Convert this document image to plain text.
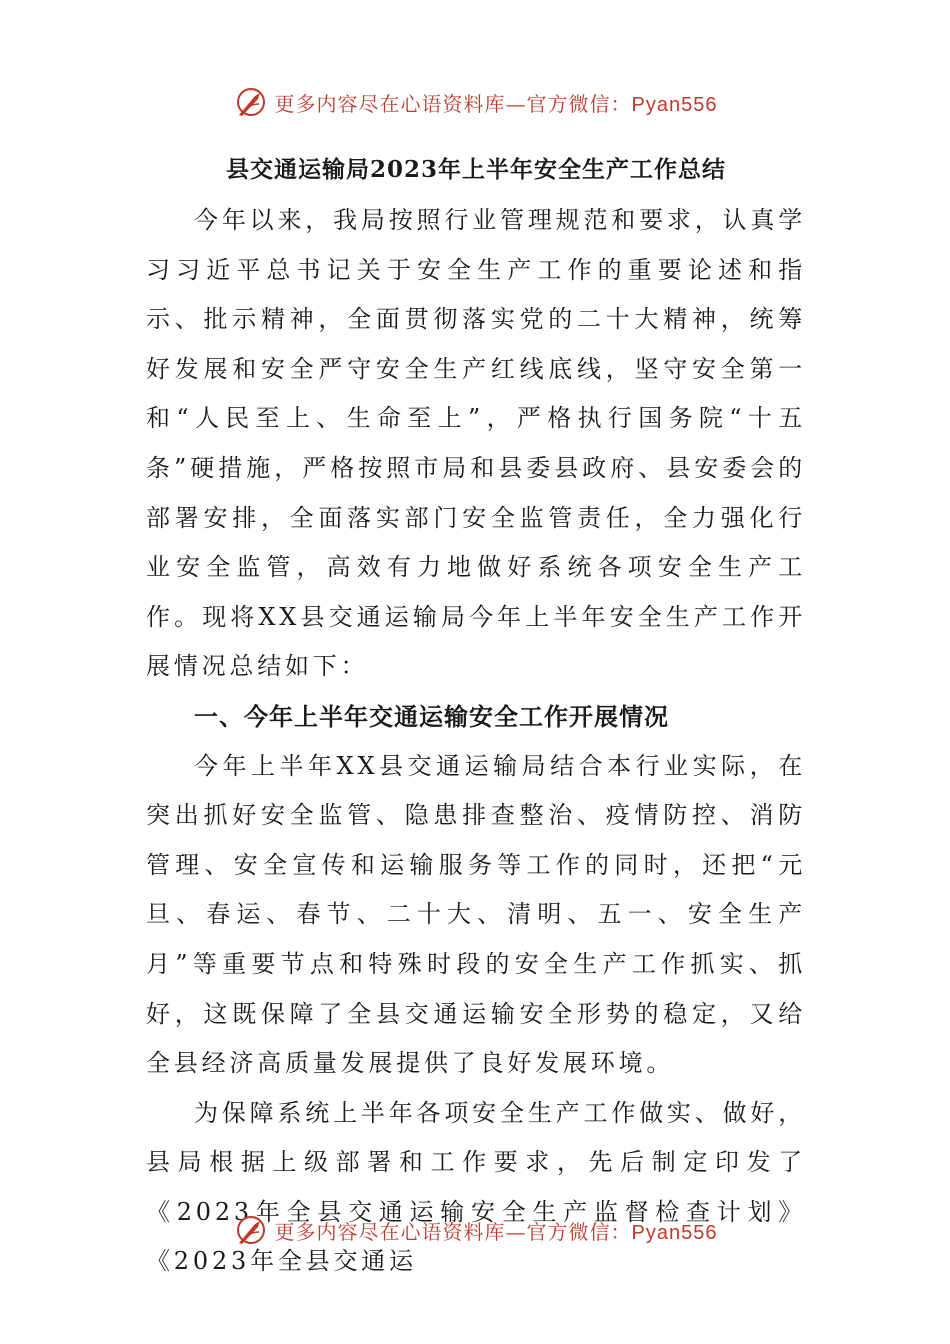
更多内容尽在心语资料库—官方微信：Pyan556
县交通运输局2023年上半年安全生产工作总结

今年以来，我局按照行业管理规范和要求，认真学习习近平总书记关于安全生产工作的重要论述和指示、批示精神，全面贯彻落实党的二十大精神，统筹好发展和安全严守安全生产红线底线，坚守安全第一和“人民至上、生命至上”，严格执行国务院“十五条”硬措施，严格按照市局和县委县政府、县安委会的部署安排，全面落实部门安全监管责任，全力强化行业安全监管，高效有力地做好系统各项安全生产工作。现将XX县交通运输局今年上半年安全生产工作开展情况总结如下：

一、今年上半年交通运输安全工作开展情况

今年上半年XX县交通运输局结合本行业实际，在突出抓好安全监管、隐患排查整治、疫情防控、消防管理、安全宣传和运输服务等工作的同时，还把“元旦、春运、春节、二十大、清明、五一、安全生产月”等重要节点和特殊时段的安全生产工作抓实、抓好，这既保障了全县交通运输安全形势的稳定，又给全县经济高质量发展提供了良好发展环境。

为保障系统上半年各项安全生产工作做实、做好，县局根据上级部署和工作要求，先后制定印发了《2023年全县交通运输安全生产监督检查计划》《2023年全县交通运

更多内容尽在心语资料库—官方微信：Pyan556
